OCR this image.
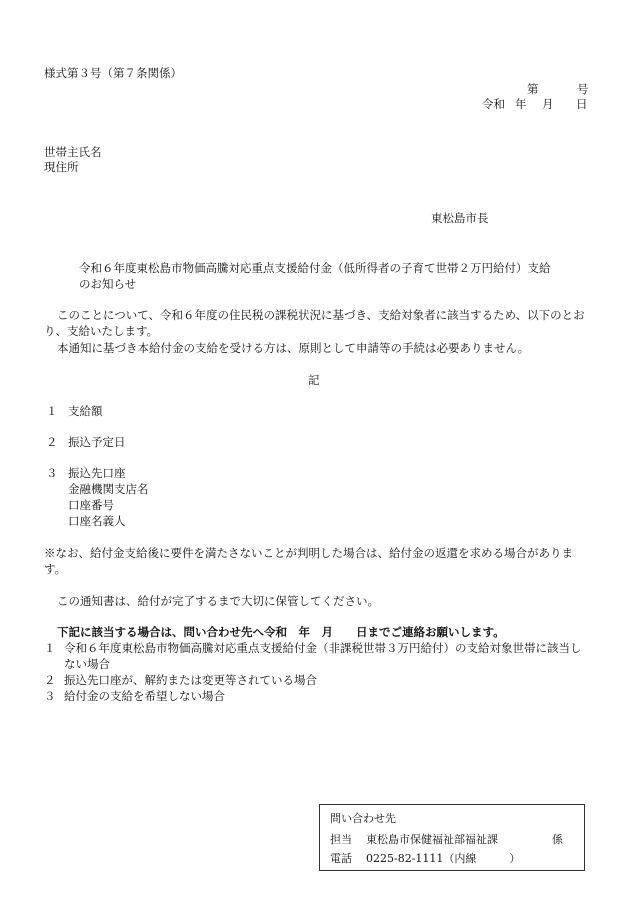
様式第３号（第７条関係）
第	号
令和 年 月 日
世帯主氏名
現住所
東松島市長
令和６年度東松島市物価高騰対応重点支援給付金（低所得者の子育て世帯２万円給付）支給のお知らせ
このことについて、令和６年度の住民税の課税状況に基づき、支給対象者に該当するため、以下のとおり、支給いたします。
本通知に基づき本給付金の支給を受ける方は、原則として申請等の手続は必要ありません。
記
１ 支給額
２ 振込予定日
３ 振込先口座
金融機関支店名
口座番号
口座名義人
※なお、給付金支給後に要件を満たさないことが判明した場合は、給付金の返還を求める場合があります。
この通知書は、給付が完了するまで大切に保管してください。
下記に該当する場合は、問い合わせ先へ令和　年　月　　日までご連絡お願いします。
１ 令和６年度東松島市物価高騰対応重点支援給付金（非課税世帯３万円給付）の支給対象世帯に該当しない場合
２ 振込先口座が、解約または変更等されている場合
３ 給付金の支給を希望しない場合
問い合わせ先
担当 東松島市保健福祉部福祉課	係
電話 0225-82-1111（内線　　　）
